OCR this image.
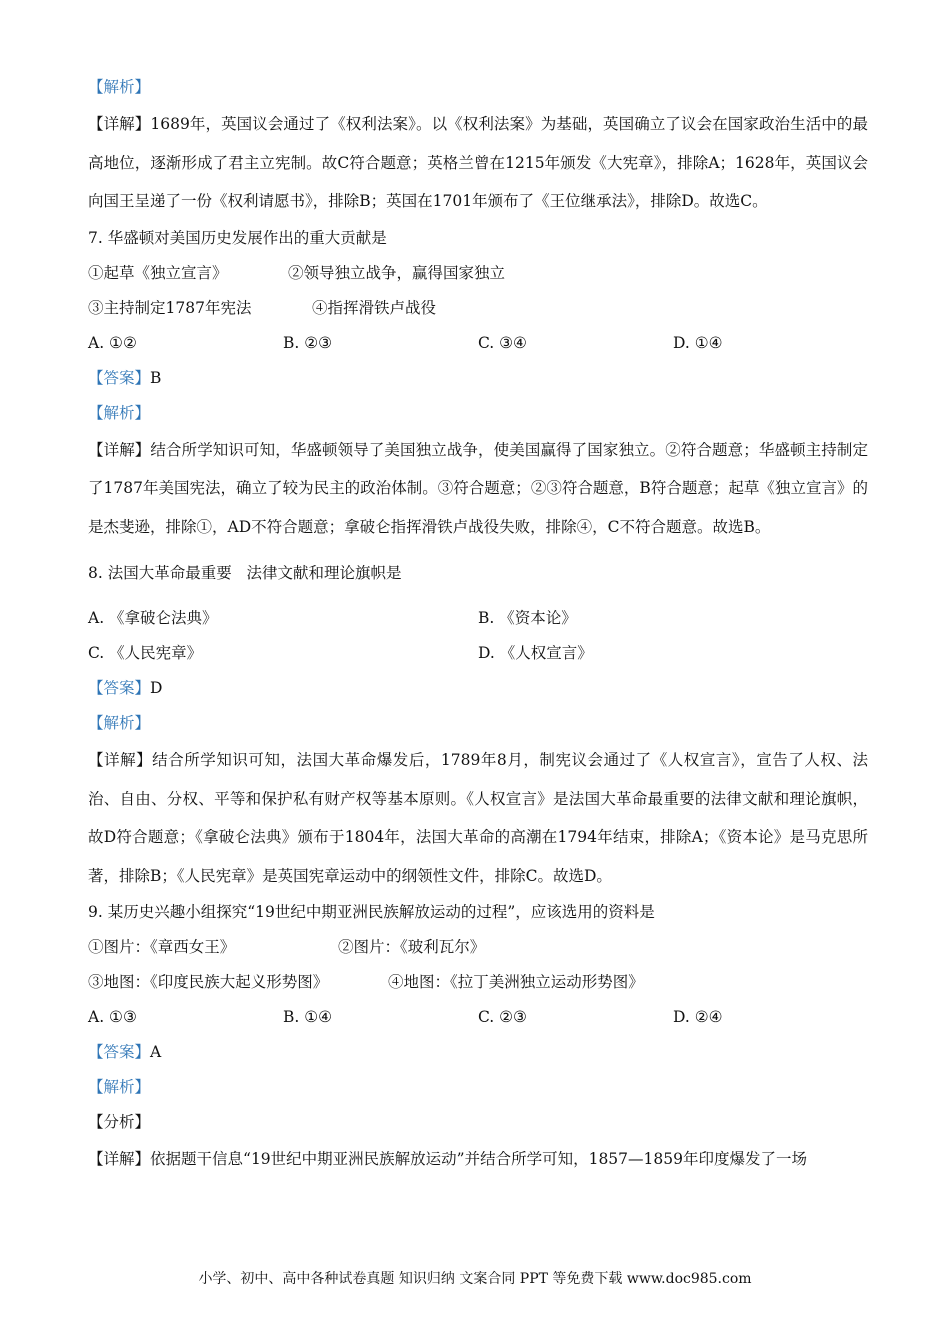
【解析】
【详解】1689年，英国议会通过了《权利法案》。以《权利法案》为基础，英国确立了议会在国家政治生活中的最高地位，逐渐形成了君主立宪制。故C符合题意；英格兰曾在1215年颁发《大宪章》，排除A；1628年，英国议会向国王呈递了一份《权利请愿书》，排除B；英国在1701年颁布了《王位继承法》，排除D。故选C。
7. 华盛顿对美国历史发展作出的重大贡献是
①起草《独立宣言》	②领导独立战争，赢得国家独立
③主持制定1787年宪法	④指挥滑铁卢战役
A. ①②	B. ②③	C. ③④	D. ①④
【答案】B
【解析】
【详解】结合所学知识可知，华盛顿领导了美国独立战争，使美国赢得了国家独立。②符合题意；华盛顿主持制定了1787年美国宪法，确立了较为民主的政治体制。③符合题意；②③符合题意，B符合题意；起草《独立宣言》的是杰斐逊，排除①，AD不符合题意；拿破仑指挥滑铁卢战役失败，排除④，C不符合题意。故选B。
8. 法国大革命最重要   法律文献和理论旗帜是
A. 《拿破仑法典》	B. 《资本论》
C. 《人民宪章》	D. 《人权宣言》
【答案】D
【解析】
【详解】结合所学知识可知，法国大革命爆发后，1789年8月，制宪议会通过了《人权宣言》，宣告了人权、法治、自由、分权、平等和保护私有财产权等基本原则。《人权宣言》是法国大革命最重要的法律文献和理论旗帜，故D符合题意；《拿破仑法典》颁布于1804年，法国大革命的高潮在1794年结束，排除A；《资本论》是马克思所著，排除B；《人民宪章》是英国宪章运动中的纲领性文件，排除C。故选D。
9. 某历史兴趣小组探究“19世纪中期亚洲民族解放运动的过程”，应该选用的资料是
①图片：《章西女王》	②图片：《玻利瓦尔》
③地图：《印度民族大起义形势图》	④地图：《拉丁美洲独立运动形势图》
A. ①③	B. ①④	C. ②③	D. ②④
【答案】A
【解析】
【分析】
【详解】依据题干信息“19世纪中期亚洲民族解放运动”并结合所学可知，1857—1859年印度爆发了一场
小学、初中、高中各种试卷真题 知识归纳 文案合同 PPT 等免费下载 www.doc985.com
